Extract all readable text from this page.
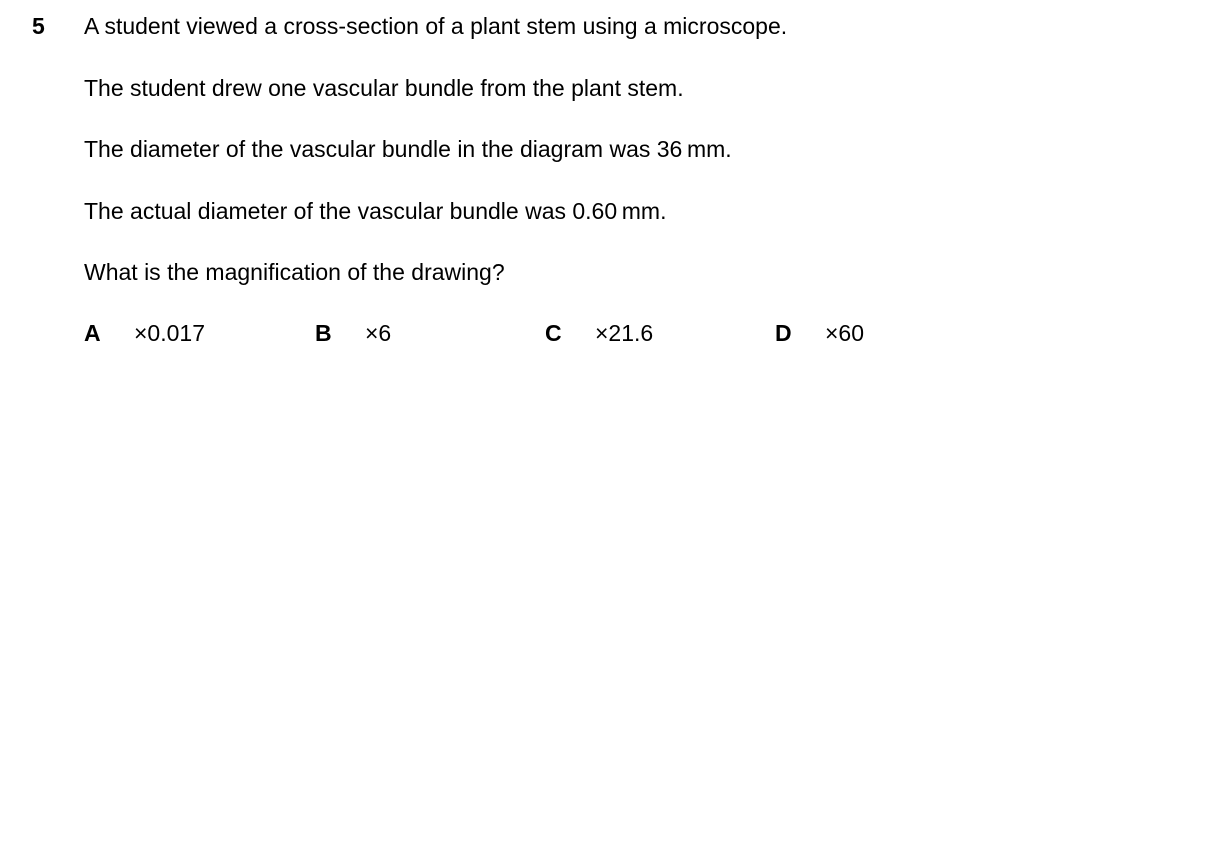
5 A student viewed a cross-section of a plant stem using a microscope.

The student drew one vascular bundle from the plant stem.

The diameter of the vascular bundle in the diagram was 36 mm.

The actual diameter of the vascular bundle was 0.60 mm.

What is the magnification of the drawing?

A ×0.017	B ×6	C ×21.6	D ×60
